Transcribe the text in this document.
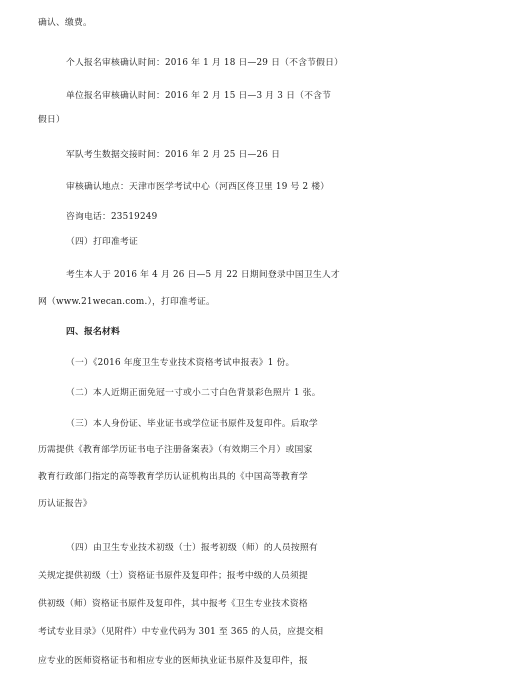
确认、缴费。
个人报名审核确认时间：2016 年 1 月 18 日—29 日（不含节假日）
单位报名审核确认时间：2016 年 2 月 15 日—3 月 3 日（不含节
假日）
军队考生数据交接时间：2016 年 2 月 25 日—26 日
审核确认地点：天津市医学考试中心（河西区佟卫里 19 号 2 楼）
咨询电话：23519249
（四）打印准考证
考生本人于 2016 年 4 月 26 日—5 月 22 日期间登录中国卫生人才
网（www.21wecan.com.），打印准考证。
四、报名材料
（一）《2016 年度卫生专业技术资格考试申报表》1 份。
（二）本人近期正面免冠一寸或小二寸白色背景彩色照片 1 张。
（三）本人身份证、毕业证书或学位证书原件及复印件。后取学
历需提供《教育部学历证书电子注册备案表》（有效期三个月）或国家
教育行政部门指定的高等教育学历认证机构出具的《中国高等教育学
历认证报告》
（四）由卫生专业技术初级（士）报考初级（师）的人员按照有
关规定提供初级（士）资格证书原件及复印件；报考中级的人员须提
供初级（师）资格证书原件及复印件，其中报考《卫生专业技术资格
考试专业目录》（见附件）中专业代码为 301 至 365 的人员，应提交相
应专业的医师资格证书和相应专业的医师执业证书原件及复印件，报
